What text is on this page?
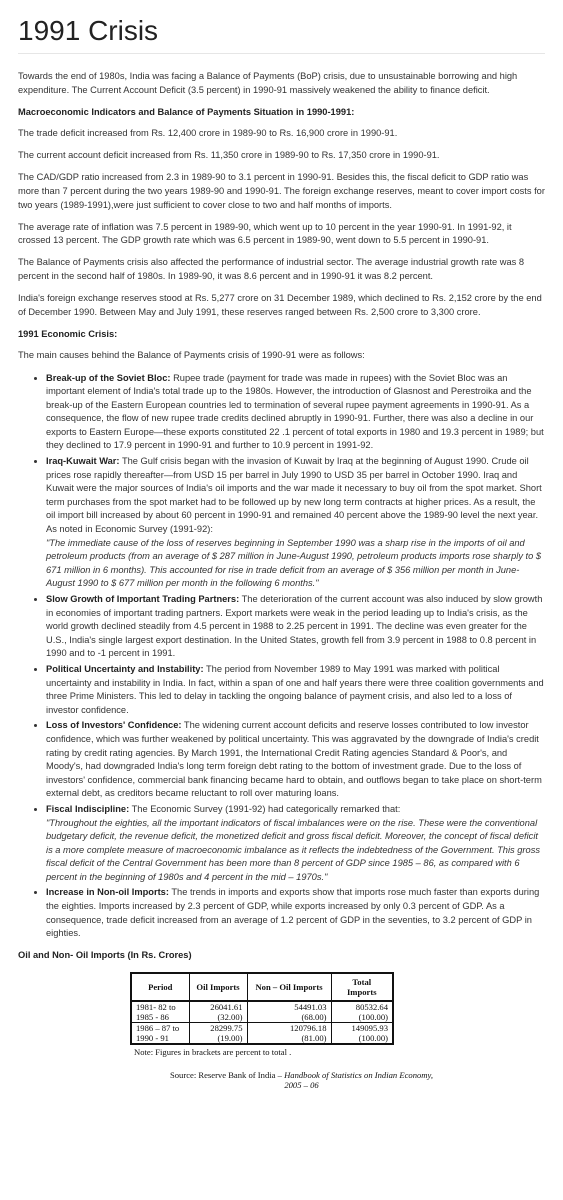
1991 Crisis

Towards the end of 1980s, India was facing a Balance of Payments (BoP) crisis, due to unsustainable borrowing and high expenditure. The Current Account Deficit (3.5 percent) in 1990-91 massively weakened the ability to finance deficit.

Macroeconomic Indicators and Balance of Payments Situation in 1990-1991:

The trade deficit increased from Rs. 12,400 crore in 1989-90 to Rs. 16,900 crore in 1990-91.

The current account deficit increased from Rs. 11,350 crore in 1989-90 to Rs. 17,350 crore in 1990-91.

The CAD/GDP ratio increased from 2.3 in 1989-90 to 3.1 percent in 1990-91. Besides this, the fiscal deficit to GDP ratio was more than 7 percent during the two years 1989-90 and 1990-91. The foreign exchange reserves, meant to cover import costs for two years (1989-1991),were just sufficient to cover close to two and half months of imports.

The average rate of inflation was 7.5 percent in 1989-90, which went up to 10 percent in the year 1990-91. In 1991-92, it crossed 13 percent. The GDP growth rate which was 6.5 percent in 1989-90, went down to 5.5 percent in 1990-91.

The Balance of Payments crisis also affected the performance of industrial sector. The average industrial growth rate was 8 percent in the second half of 1980s. In 1989-90, it was 8.6 percent and in 1990-91 it was 8.2 percent.

India's foreign exchange reserves stood at Rs. 5,277 crore on 31 December 1989, which declined to Rs. 2,152 crore by the end of December 1990. Between May and July 1991, these reserves ranged between Rs. 2,500 crore to 3,300 crore.

1991 Economic Crisis:

The main causes behind the Balance of Payments crisis of 1990-91 were as follows:

• Break-up of the Soviet Bloc: Rupee trade (payment for trade was made in rupees) with the Soviet Bloc was an important element of India's total trade up to the 1980s. However, the introduction of Glasnost and Perestroika and the break-up of the Eastern European countries led to termination of several rupee payment agreements in 1990-91. As a consequence, the flow of new rupee trade credits declined abruptly in 1990-91. Further, there was also a decline in our exports to Eastern Europe—these exports constituted 22 .1 percent of total exports in 1980 and 19.3 percent in 1989; but they declined to 17.9 percent in 1990-91 and further to 10.9 percent in 1991-92.
• Iraq-Kuwait War: The Gulf crisis began with the invasion of Kuwait by Iraq at the beginning of August 1990. Crude oil prices rose rapidly thereafter—from USD 15 per barrel in July 1990 to USD 35 per barrel in October 1990. Iraq and Kuwait were the major sources of India's oil imports and the war made it necessary to buy oil from the spot market. Short term purchases from the spot market had to be followed up by new long term contracts at higher prices. As a result, the oil import bill increased by about 60 percent in 1990-91 and remained 40 percent above the 1989-90 level the next year. As noted in Economic Survey (1991-92):
"The immediate cause of the loss of reserves beginning in September 1990 was a sharp rise in the imports of oil and petroleum products (from an average of $ 287 million in June-August 1990, petroleum products imports rose sharply to $ 671 million in 6 months). This accounted for rise in trade deficit from an average of $ 356 million per month in June-August 1990 to $ 677 million per month in the following 6 months."
• Slow Growth of Important Trading Partners: The deterioration of the current account was also induced by slow growth in economies of important trading partners. Export markets were weak in the period leading up to India's crisis, as the world growth declined steadily from 4.5 percent in 1988 to 2.25 percent in 1991. The decline was even greater for the U.S., India's single largest export destination. In the United States, growth fell from 3.9 percent in 1988 to 0.8 percent in 1990 and to -1 percent in 1991.
• Political Uncertainty and Instability: The period from November 1989 to May 1991 was marked with political uncertainty and instability in India. In fact, within a span of one and half years there were three coalition governments and three Prime Ministers. This led to delay in tackling the ongoing balance of payment crisis, and also led to a loss of investor confidence.
• Loss of Investors' Confidence: The widening current account deficits and reserve losses contributed to low investor confidence, which was further weakened by political uncertainty. This was aggravated by the downgrade of India's credit rating by credit rating agencies. By March 1991, the International Credit Rating agencies Standard & Poor's, and Moody's, had downgraded India's long term foreign debt rating to the bottom of investment grade. Due to the loss of investors' confidence, commercial bank financing became hard to obtain, and outflows began to take place on short-term external debt, as creditors became reluctant to roll over maturing loans.
• Fiscal Indiscipline: The Economic Survey (1991-92) had categorically remarked that:
"Throughout the eighties, all the important indicators of fiscal imbalances were on the rise. These were the conventional budgetary deficit, the revenue deficit, the monetized deficit and gross fiscal deficit. Moreover, the concept of fiscal deficit is a more complete measure of macroeconomic imbalance as it reflects the indebtedness of the Government. This gross fiscal deficit of the Central Government has been more than 8 percent of GDP since 1985 – 86, as compared with 6 percent in the beginning of 1980s and 4 percent in the mid – 1970s."
• Increase in Non-oil Imports: The trends in imports and exports show that imports rose much faster than exports during the eighties. Imports increased by 2.3 percent of GDP, while exports increased by only 0.3 percent of GDP. As a consequence, trade deficit increased from an average of 1.2 percent of GDP in the seventies, to 3.2 percent of GDP in eighties.

Oil and Non- Oil Imports (In Rs. Crores)

Period	Oil Imports	Non – Oil Imports	Total Imports
1981- 82 to	26041.61	54491.03	80532.64
1985 - 86	(32.00)	(68.00)	(100.00)
1986 – 87 to	28299.75	120796.18	149095.93
1990 - 91	(19.00)	(81.00)	(100.00)
Note: Figures in brackets are percent to total .
Source: Reserve Bank of India – Handbook of Statistics on Indian Economy,
2005 – 06
